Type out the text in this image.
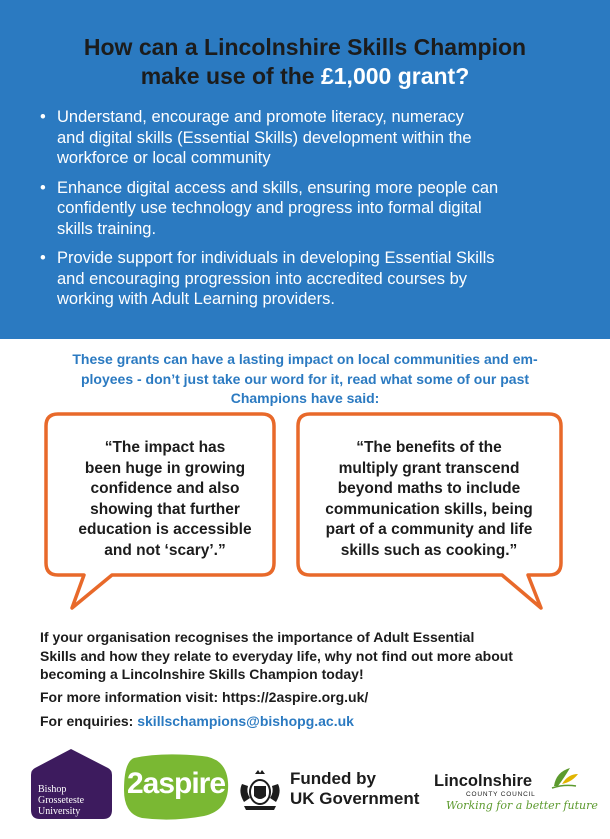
How can a Lincolnshire Skills Champion
make use of the £1,000 grant?
• Understand, encourage and promote literacy, numeracy
and digital skills (Essential Skills) development within the
workforce or local community
• Enhance digital access and skills, ensuring more people can
confidently use technology and progress into formal digital
skills training.
• Provide support for individuals in developing Essential Skills
and encouraging progression into accredited courses by
working with Adult Learning providers.
These grants can have a lasting impact on local communities and em-
ployees - don’t just take our word for it, read what some of our past
Champions have said:
“The impact has
been huge in growing
confidence and also
showing that further
education is accessible
and not ‘scary’.”
“The benefits of the
multiply grant transcend
beyond maths to include
communication skills, being
part of a community and life
skills such as cooking.”
If your organisation recognises the importance of Adult Essential
Skills and how they relate to everyday life, why not find out more about
becoming a Lincolnshire Skills Champion today!
For more information visit: https://2aspire.org.uk/
For enquiries: skillschampions@bishopg.ac.uk
Bishop
Grosseteste
University
2aspire	Funded by
UK Government
Lincolnshire
COUNTY COUNCIL
Working for a better future
